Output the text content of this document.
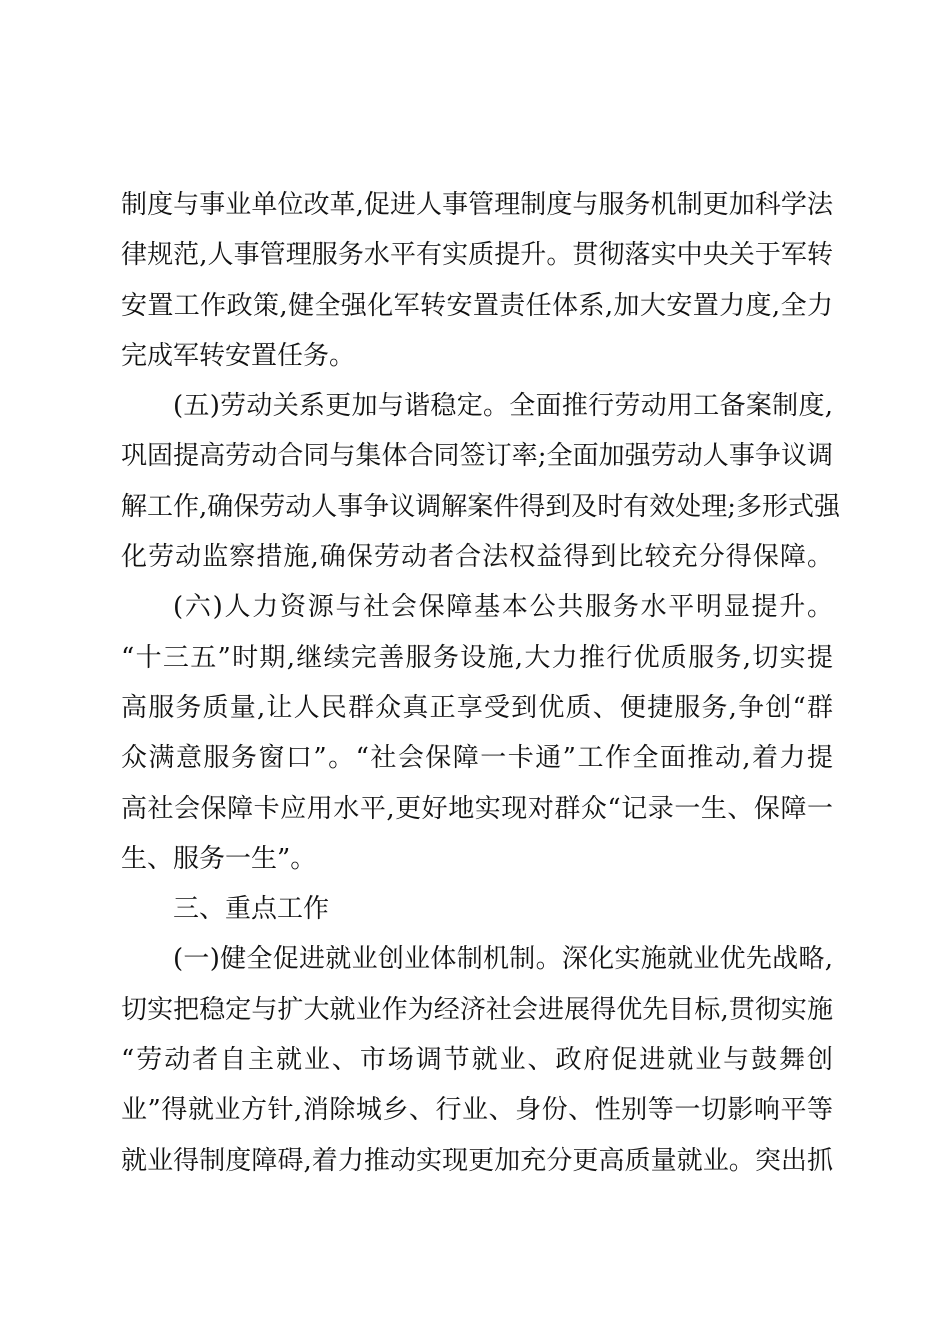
制度与事业单位改革,促进人事管理制度与服务机制更加科学法
律规范,人事管理服务水平有实质提升。贯彻落实中央关于军转
安置工作政策,健全强化军转安置责任体系,加大安置力度,全力
完成军转安置任务。
(五)劳动关系更加与谐稳定。全面推行劳动用工备案制度,
巩固提高劳动合同与集体合同签订率;全面加强劳动人事争议调
解工作,确保劳动人事争议调解案件得到及时有效处理;多形式强
化劳动监察措施,确保劳动者合法权益得到比较充分得保障。
(六)人力资源与社会保障基本公共服务水平明显提升。
“十三五”时期,继续完善服务设施,大力推行优质服务,切实提
高服务质量,让人民群众真正享受到优质、便捷服务,争创“群
众满意服务窗口”。“社会保障一卡通”工作全面推动,着力提
高社会保障卡应用水平,更好地实现对群众“记录一生、保障一
生、服务一生”。
三、重点工作
(一)健全促进就业创业体制机制。深化实施就业优先战略,
切实把稳定与扩大就业作为经济社会进展得优先目标,贯彻实施
“劳动者自主就业、市场调节就业、政府促进就业与鼓舞创
业”得就业方针,消除城乡、行业、身份、性别等一切影响平等
就业得制度障碍,着力推动实现更加充分更高质量就业。突出抓
